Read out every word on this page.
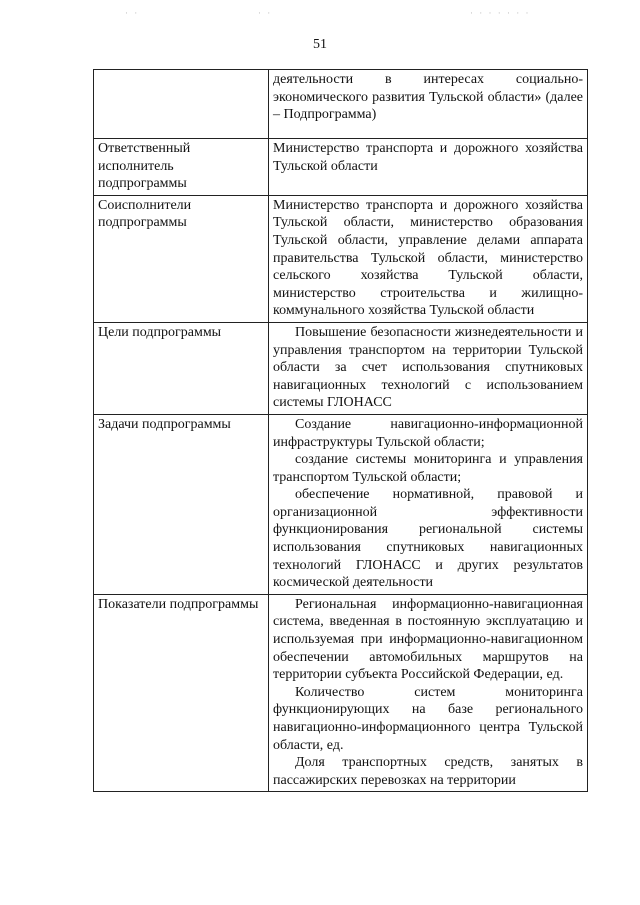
· ·	· ·	· · · · · · ·
51

	деятельности в интересах социально-экономического развития Тульской области» (далее – Подпрограмма)

Ответственный исполнитель подпрограммы	Министерство транспорта и дорожного хозяйства Тульской области

Соисполнители подпрограммы	Министерство транспорта и дорожного хозяйства Тульской области, министерство образования Тульской области, управление делами аппарата правительства Тульской области, министерство сельского хозяйства Тульской области, министерство строительства и жилищно-коммунального хозяйства Тульской области

Цели подпрограммы	Повышение безопасности жизнедеятельности и управления транспортом на территории Тульской области за счет использования спутниковых навигационных технологий с использованием системы ГЛОНАСС

Задачи подпрограммы	Создание навигационно-информационной инфраструктуры Тульской области;

создание системы мониторинга и управления транспортом Тульской области;

обеспечение нормативной, правовой и организационной эффективности функционирования региональной системы использования спутниковых навигационных технологий ГЛОНАСС и других результатов космической деятельности

Показатели подпрограммы	Региональная информационно-навигационная система, введенная в постоянную эксплуатацию и используемая при информационно-навигационном обеспечении автомобильных маршрутов на территории субъекта Российской Федерации, ед.

Количество систем мониторинга функционирующих на базе регионального навигационно-информационного центра Тульской области, ед.

Доля транспортных средств, занятых в пассажирских перевозках на территории
